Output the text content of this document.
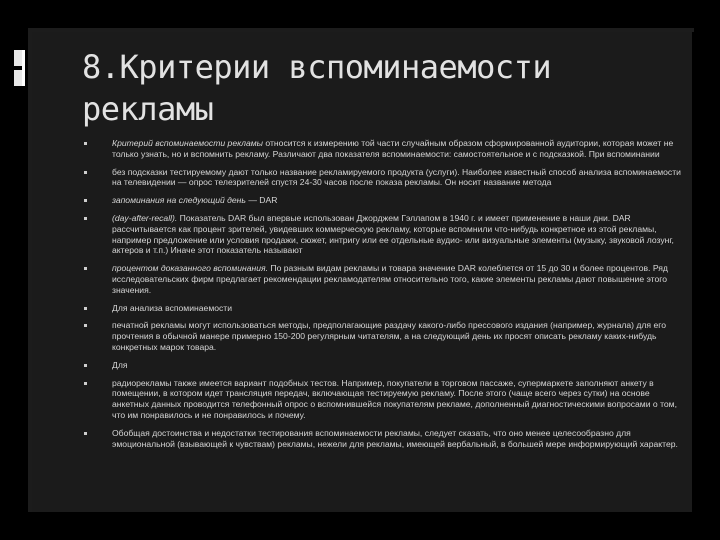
8.Критерии вспоминаемости рекламы
Критерий вспоминаемости рекламы относится к измерению той части случайным образом сформированной аудитории, которая может не только узнать, но и вспомнить рекламу. Различают два показателя вспоминаемости: самостоятельное и с подсказкой. При вспоминании
без подсказки тестируемому дают только название рекламируемого продукта (услуги). Наиболее известный способ анализа вспоминаемости на телевидении — опрос телезрителей спустя 24-30 часов после показа рекламы. Он носит название метода
запоминания на следующий день — DAR
(day-after-recall). Показатель DAR был впервые использован Джорджем Гэллапом в 1940 г. и имеет применение в наши дни. DAR рассчитывается как процент зрителей, увидевших коммерческую рекламу, которые вспомнили что-нибудь конкретное из этой рекламы, например предложение или условия продажи, сюжет, интригу или ее отдельные аудио- или визуальные элементы (музыку, звуковой лозунг, актеров и т.п.) Иначе этот показатель называют
процентом доказанного вспоминания. По разным видам рекламы и товара значение DAR колеблется от 15 до 30 и более процентов. Ряд исследовательских фирм предлагает рекомендации рекламодателям относительно того, какие элементы рекламы дают повышение этого значения.
Для анализа вспоминаемости
печатной рекламы могут использоваться методы, предполагающие раздачу какого-либо прессового издания (например, журнала) для его прочтения в обычной манере примерно 150-200 регулярным читателям, а на следующий день их просят описать рекламу каких-нибудь конкретных марок товара.
Для
радиорекламы также имеется вариант подобных тестов. Например, покупатели в торговом пассаже, супермаркете заполняют анкету в помещении, в котором идет трансляция передач, включающая тестируемую рекламу. После этого (чаще всего через сутки) на основе анкетных данных проводится телефонный опрос о вспомнившейся покупателям рекламе, дополненный диагностическими вопросами о том, что им понравилось и не понравилось и почему.
Обобщая достоинства и недостатки тестирования вспоминаемости рекламы, следует сказать, что оно менее целесообразно для эмоциональной (взывающей к чувствам) рекламы, нежели для рекламы, имеющей вербальный, в большей мере информирующий характер.
